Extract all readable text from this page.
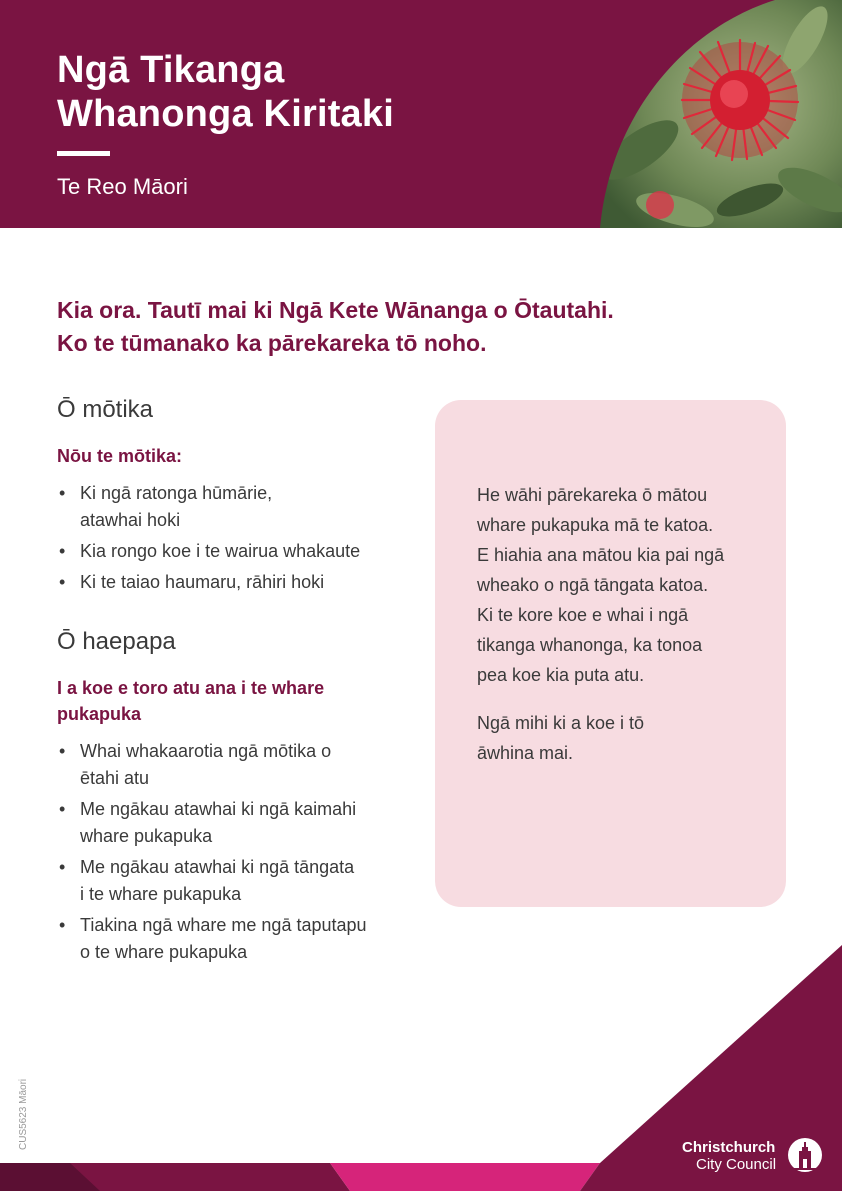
Ngā Tikanga
Whanonga Kiritaki
Te Reo Māori
Kia ora. Tautī mai ki Ngā Kete Wānanga o Ōtautahi.
Ko te tūmanako ka pārekareka tō noho.
Ō mōtika
Nōu te mōtika:
• Ki ngā ratonga hūmārie,
atawhai hoki
• Kia rongo koe i te wairua whakaute
• Ki te taiao haumaru, rāhiri hoki
Ō haepapa
I a koe e toro atu ana i te whare
pukapuka
• Whai whakaarotia ngā mōtika o
ētahi atu
• Me ngākau atawhai ki ngā kaimahi
whare pukapuka
• Me ngākau atawhai ki ngā tāngata
i te whare pukapuka
• Tiakina ngā whare me ngā taputapu
o te whare pukapuka

He wāhi pārekareka ō mātou
whare pukapuka mā te katoa.
E hiahia ana mātou kia pai ngā
wheako o ngā tāngata katoa.
Ki te kore koe e whai i ngā
tikanga whanonga, ka tonoa
pea koe kia puta atu.

Ngā mihi ki a koe i tō
āwhina mai.

CUS5623 Māori	Christchurch
City Council
